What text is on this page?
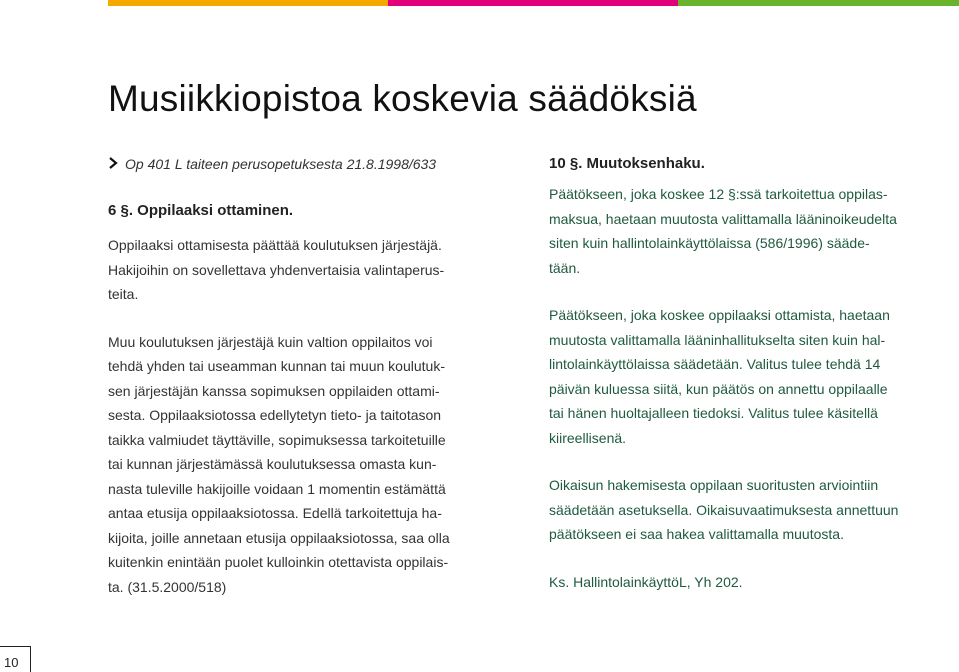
Musiikkiopistoa koskevia säädöksiä
Op 401 L taiteen perusopetuksesta 21.8.1998/633
6 §. Oppilaaksi ottaminen.
Oppilaaksi ottamisesta päättää koulutuksen järjestäjä.
Hakijoihin on sovellettava yhdenvertaisia valintaperus-
teita.
Muu koulutuksen järjestäjä kuin valtion oppilaitos voi
tehdä yhden tai useamman kunnan tai muun koulutuk-
sen järjestäjän kanssa sopimuksen oppilaiden ottami-
sesta. Oppilaaksiotossa edellytetyn tieto- ja taitotason
taikka valmiudet täyttäville, sopimuksessa tarkoitetuille
tai kunnan järjestämässä koulutuksessa omasta kun-
nasta tuleville hakijoille voidaan 1 momentin estämättä
antaa etusija oppilaaksiotossa. Edellä tarkoitettuja ha-
kijoita, joille annetaan etusija oppilaaksiotossa, saa olla
kuitenkin enintään puolet kulloinkin otettavista oppilais-
ta. (31.5.2000/518)
10 §. Muutoksenhaku.
Päätökseen, joka koskee 12 §:ssä tarkoitettua oppilas-
maksua, haetaan muutosta valittamalla lääninoikeudelta
siten kuin hallintolainkäyttölaissa (586/1996) sääde-
tään.
Päätökseen, joka koskee oppilaaksi ottamista, haetaan
muutosta valittamalla lääninhallitukselta siten kuin hal-
lintolainkäyttölaissa säädetään. Valitus tulee tehdä 14
päivän kuluessa siitä, kun päätös on annettu oppilaalle
tai hänen huoltajalleen tiedoksi. Valitus tulee käsitellä
kiireellisenä.
Oikaisun hakemisesta oppilaan suoritusten arviointiin
säädetään asetuksella. Oikaisuvaatimuksesta annettuun
päätökseen ei saa hakea valittamalla muutosta.
Ks. HallintolainkäyttöL, Yh 202.
10
